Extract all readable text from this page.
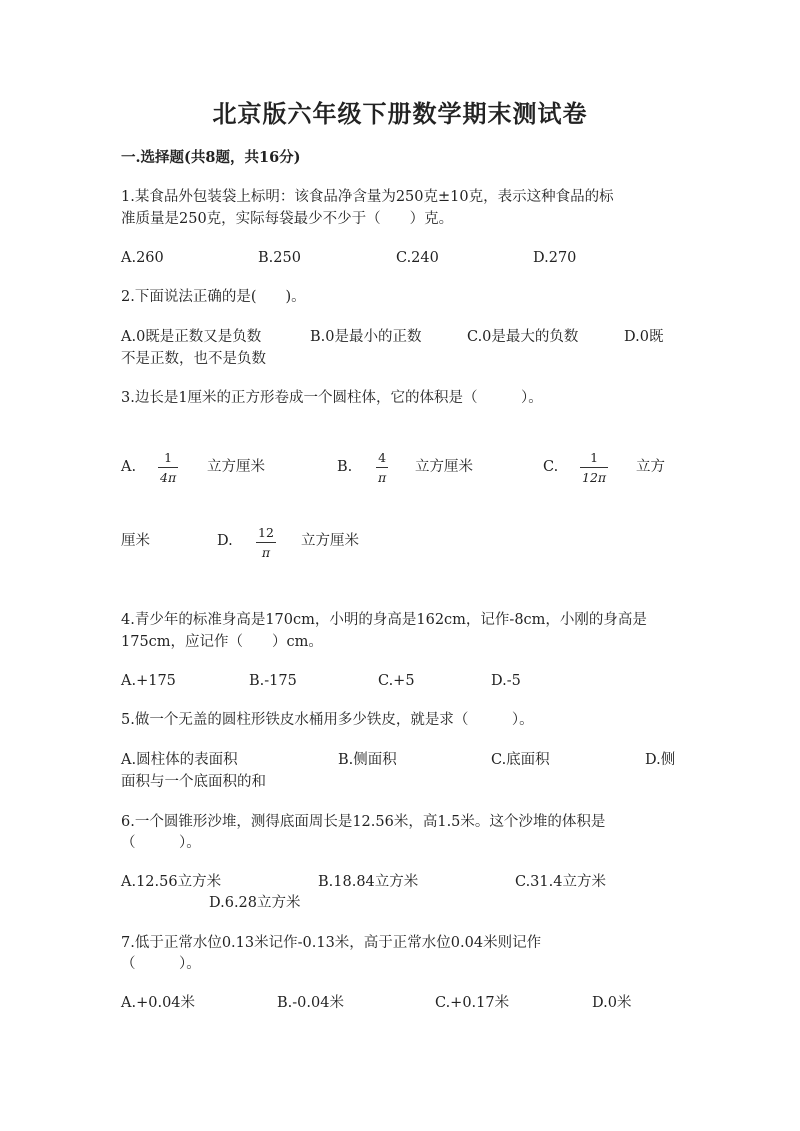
北京版六年级下册数学期末测试卷
一.选择题(共8题，共16分)
1.某食品外包装袋上标明：该食品净含量为250克±10克，表示这种食品的标
准质量是250克，实际每袋最少不少于（　　）克。
A.260	B.250	C.240	D.270
2.下面说法正确的是(　　)。
A.0既是正数又是负数	B.0是最小的正数	C.0是最大的负数	D.0既
不是正数，也不是负数
3.边长是1厘米的正方形卷成一个圆柱体，它的体积是（　　　）。
A.
1
4π
立方厘米	B.
4
π
立方厘米	C.
1
12π
立方
厘米	D.
12
π
立方厘米
4.青少年的标准身高是170cm，小明的身高是162cm，记作-8cm，小刚的身高是
175cm，应记作（　　）cm。
A.+175	B.-175	C.+5	D.-5
5.做一个无盖的圆柱形铁皮水桶用多少铁皮，就是求（　　　）。
A.圆柱体的表面积	B.侧面积	C.底面积	D.侧
面积与一个底面积的和
6.一个圆锥形沙堆，测得底面周长是12.56米，高1.5米。这个沙堆的体积是
（　　　）。
A.12.56立方米	B.18.84立方米	C.31.4立方米
D.6.28立方米
7.低于正常水位0.13米记作-0.13米，高于正常水位0.04米则记作
（　　　）。
A.+0.04米	B.-0.04米	C.+0.17米	D.0米
